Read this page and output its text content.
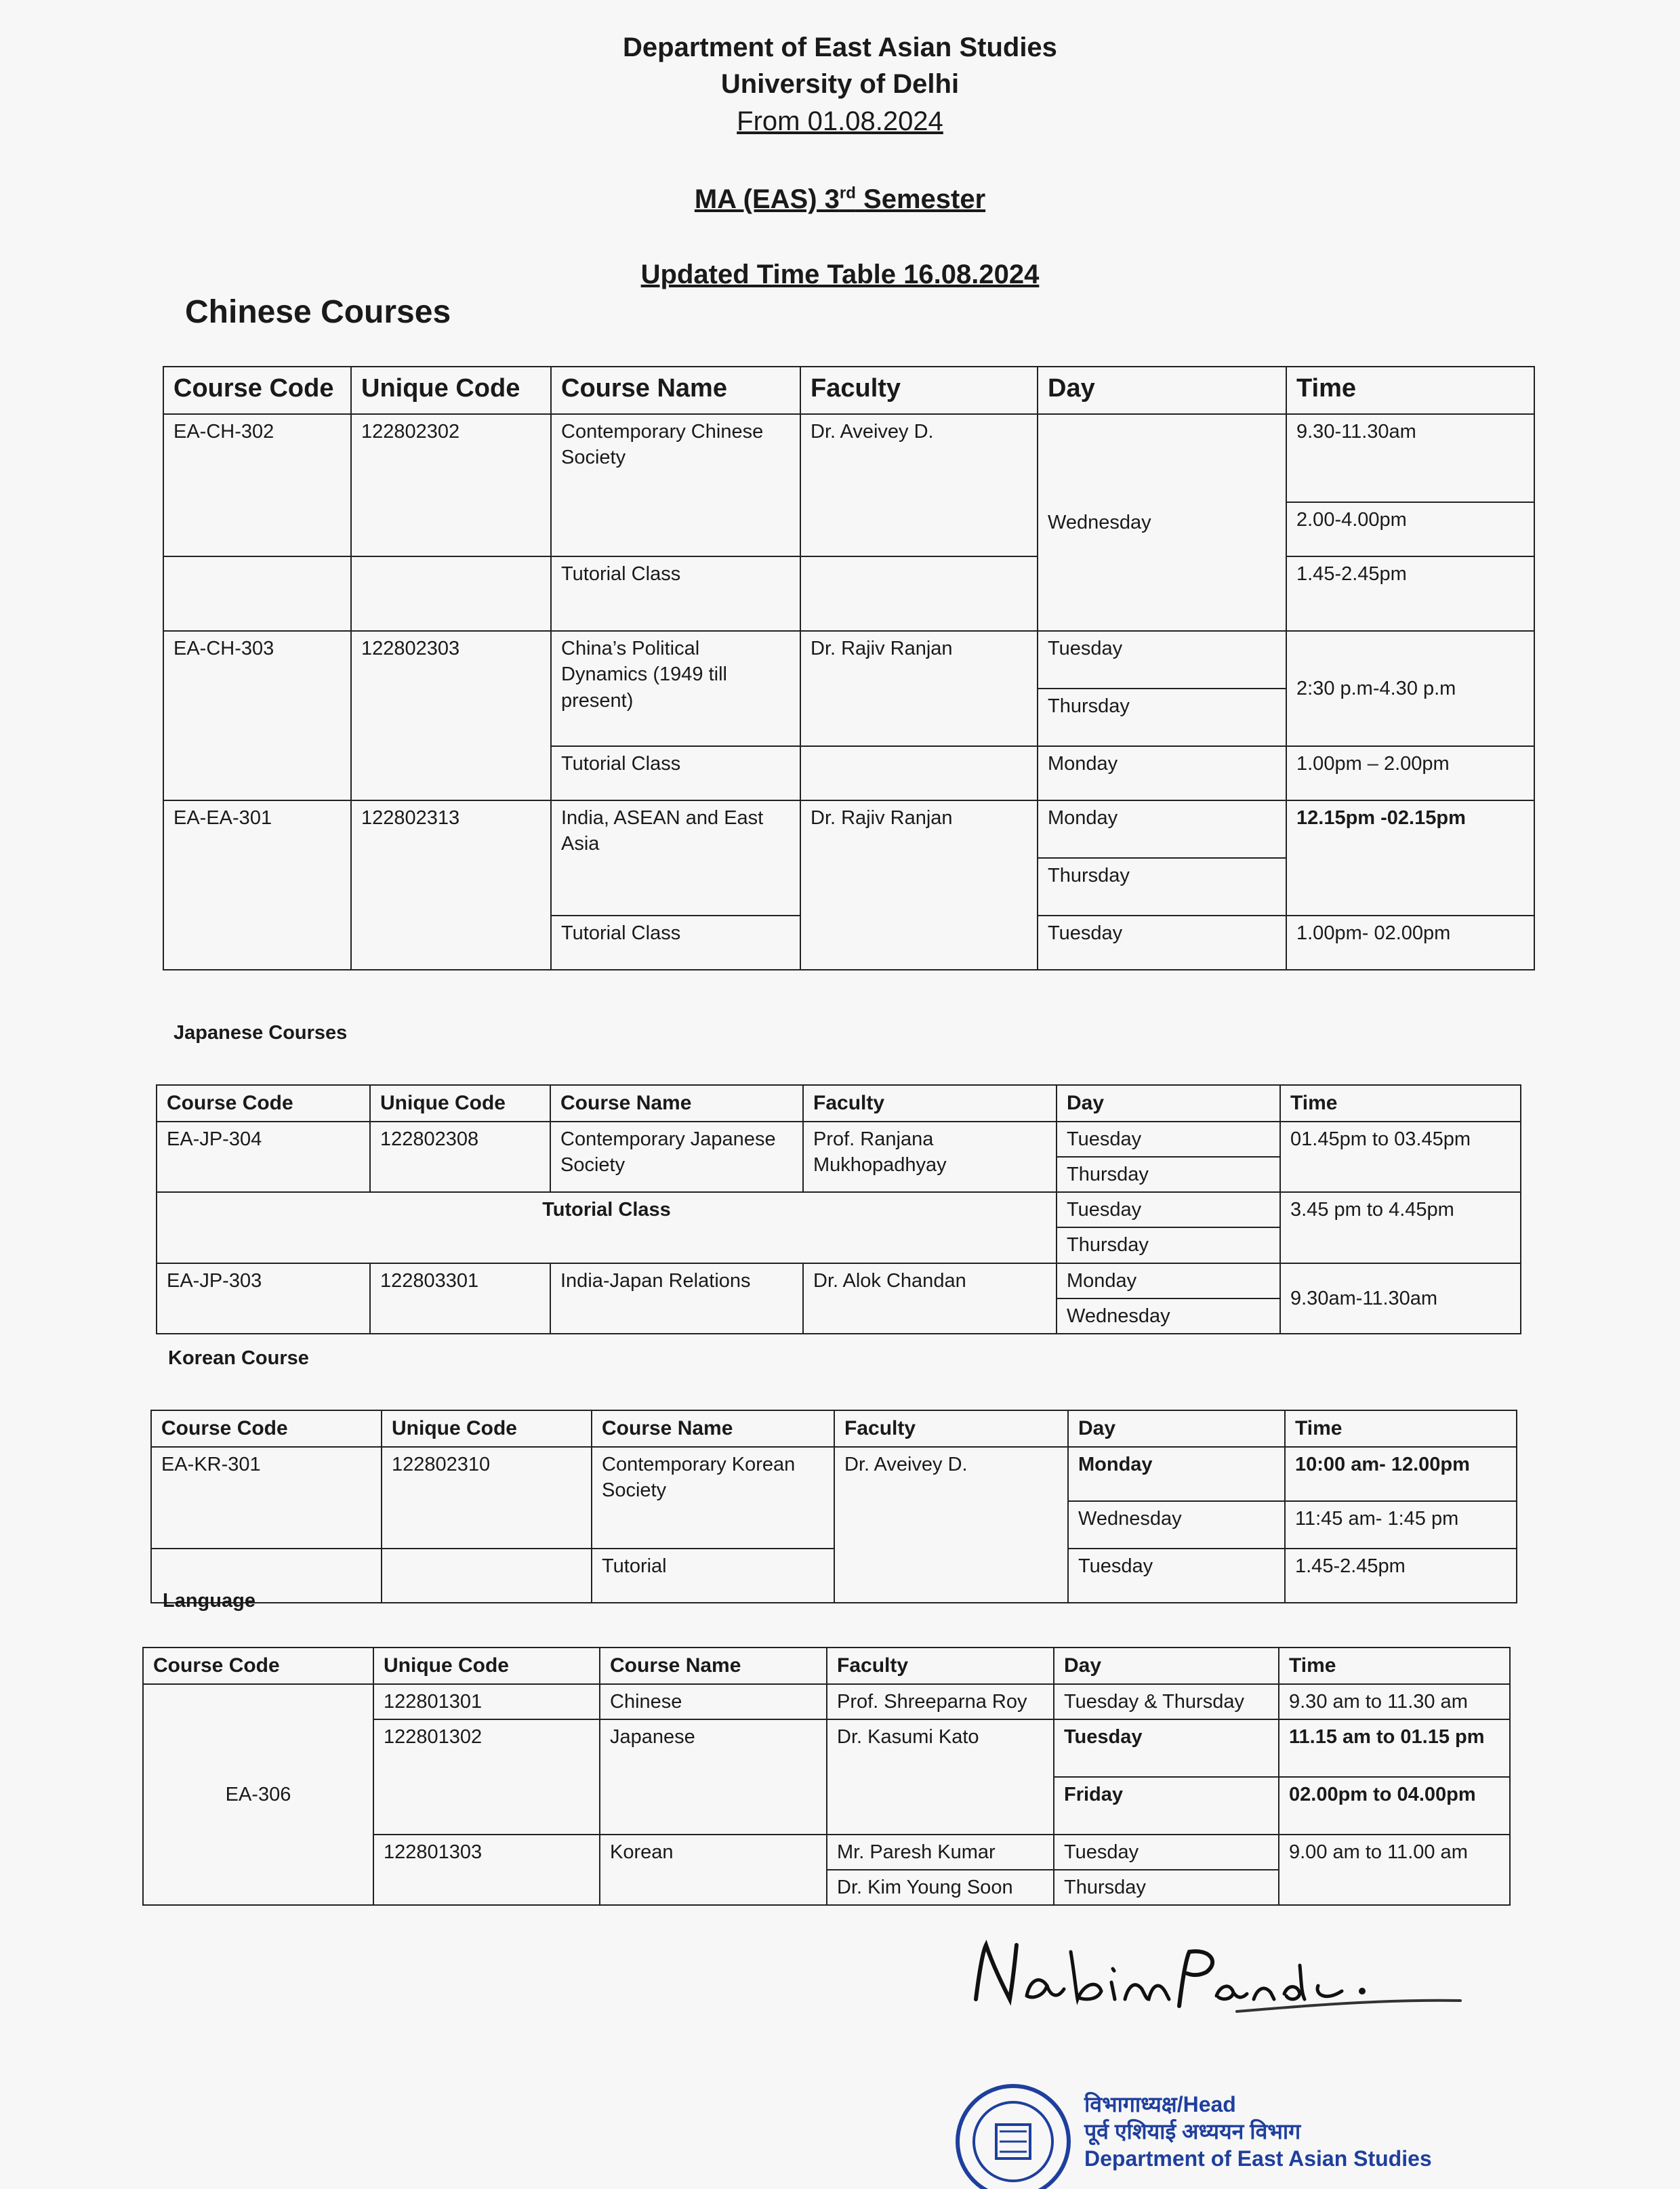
Department of East Asian Studies
University of Delhi
From 01.08.2024
MA (EAS) 3rd Semester
Updated Time Table 16.08.2024
Chinese Courses
Course Code	Unique Code	Course Name	Faculty	Day	Time
EA-CH-302	122802302	Contemporary Chinese Society	Dr. Aveivey D.	Wednesday	9.30-11.30am
					2.00-4.00pm
		Tutorial Class			1.45-2.45pm
EA-CH-303	122802303	China’s Political Dynamics (1949 till present)	Dr. Rajiv Ranjan	Tuesday	2:30 p.m-4.30 p.m
				Thursday	
		Tutorial Class		Monday	1.00pm – 2.00pm
EA-EA-301	122802313	India, ASEAN and East Asia	Dr. Rajiv Ranjan	Monday	12.15pm -02.15pm
				Thursday	
		Tutorial Class		Tuesday	1.00pm- 02.00pm
Japanese Courses
Course Code	Unique Code	Course Name	Faculty	Day	Time
EA-JP-304	122802308	Contemporary Japanese Society	Prof. Ranjana Mukhopadhyay	Tuesday	01.45pm to 03.45pm
				Thursday	
Tutorial Class				Tuesday	3.45 pm to 4.45pm
				Thursday	
EA-JP-303	122803301	India-Japan Relations	Dr. Alok Chandan	Monday	9.30am-11.30am
				Wednesday	
Korean Course
Course Code	Unique Code	Course Name	Faculty	Day	Time
EA-KR-301	122802310	Contemporary Korean Society	Dr. Aveivey D.	Monday	10:00 am- 12.00pm
				Wednesday	11:45 am- 1:45 pm
		Tutorial		Tuesday	1.45-2.45pm
Language
Course Code	Unique Code	Course Name	Faculty	Day	Time
EA-306	122801301	Chinese	Prof. Shreeparna Roy	Tuesday & Thursday	9.30 am to 11.30 am
	122801302	Japanese	Dr. Kasumi Kato	Tuesday	11.15 am to 01.15 pm
				Friday	02.00pm to 04.00pm
	122801303	Korean	Mr. Paresh Kumar	Tuesday	9.00 am to 11.00 am
			Dr. Kim Young Soon	Thursday	
विभागाध्यक्ष/Head
पूर्व एशियाई अध्ययन विभाग
Department of East Asian Studies
